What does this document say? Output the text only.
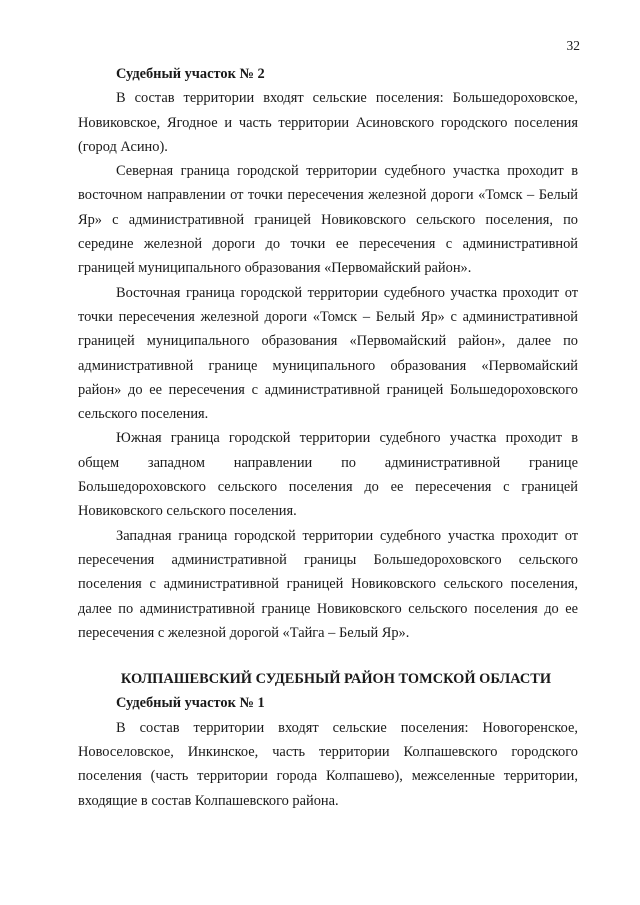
32

Судебный участок № 2

В состав территории входят сельские поселения: Большедороховское, Новиковское, Ягодное и часть территории Асиновского городского поселения (город Асино).

Северная граница городской территории судебного участка проходит в восточном направлении от точки пересечения железной дороги «Томск – Белый Яр» с административной границей Новиковского сельского поселения, по середине железной дороги до точки ее пересечения с административной границей муниципального образования «Первомайский район».

Восточная граница городской территории судебного участка проходит от точки пересечения железной дороги «Томск – Белый Яр» с административной границей муниципального образования «Первомайский район», далее по административной границе муниципального образования «Первомайский район» до ее пересечения с административной границей Большедороховского сельского поселения.

Южная граница городской территории судебного участка проходит в общем западном направлении по административной границе Большедороховского сельского поселения до ее пересечения с границей Новиковского сельского поселения.

Западная граница городской территории судебного участка проходит от пересечения административной границы Большедороховского сельского поселения с административной границей Новиковского сельского поселения, далее по административной границе Новиковского сельского поселения до ее пересечения с железной дорогой «Тайга – Белый Яр».

КОЛПАШЕВСКИЙ СУДЕБНЫЙ РАЙОН ТОМСКОЙ ОБЛАСТИ

Судебный участок № 1

В состав территории входят сельские поселения: Новогоренское, Новоселовское, Инкинское, часть территории Колпашевского городского поселения (часть территории города Колпашево), межселенные территории, входящие в состав Колпашевского района.
